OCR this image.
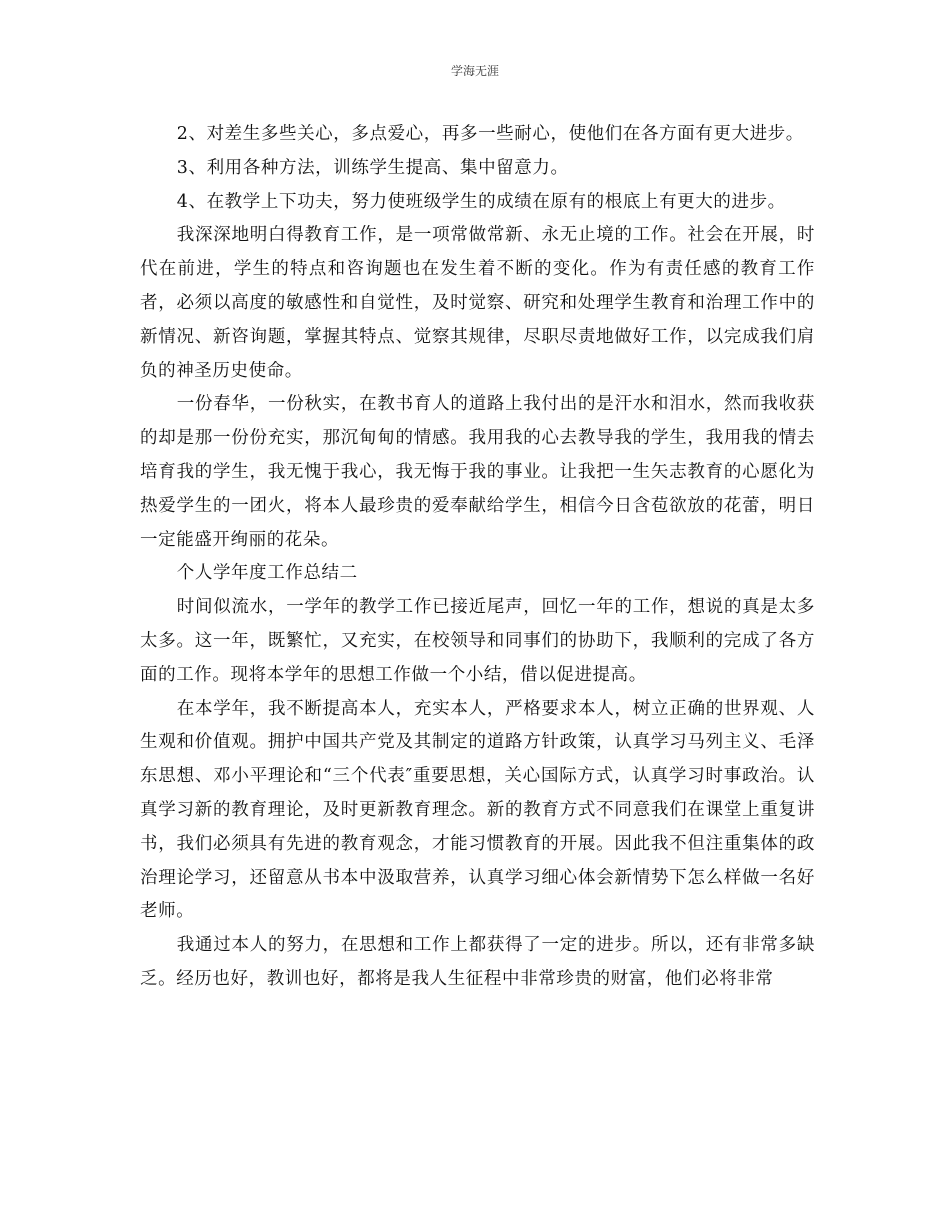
学海无涯

2、对差生多些关心，多点爱心，再多一些耐心，使他们在各方面有更大进步。

3、利用各种方法，训练学生提高、集中留意力。

4、在教学上下功夫，努力使班级学生的成绩在原有的根底上有更大的进步。

我深深地明白得教育工作，是一项常做常新、永无止境的工作。社会在开展，时代在前进，学生的特点和咨询题也在发生着不断的变化。作为有责任感的教育工作者，必须以高度的敏感性和自觉性，及时觉察、研究和处理学生教育和治理工作中的新情况、新咨询题，掌握其特点、觉察其规律，尽职尽责地做好工作，以完成我们肩负的神圣历史使命。

一份春华，一份秋实，在教书育人的道路上我付出的是汗水和泪水，然而我收获的却是那一份份充实，那沉甸甸的情感。我用我的心去教导我的学生，我用我的情去培育我的学生，我无愧于我心，我无悔于我的事业。让我把一生矢志教育的心愿化为热爱学生的一团火，将本人最珍贵的爱奉献给学生，相信今日含苞欲放的花蕾，明日一定能盛开绚丽的花朵。

个人学年度工作总结二

时间似流水，一学年的教学工作已接近尾声，回忆一年的工作，想说的真是太多太多。这一年，既繁忙，又充实，在校领导和同事们的协助下，我顺利的完成了各方面的工作。现将本学年的思想工作做一个小结，借以促进提高。

在本学年，我不断提高本人，充实本人，严格要求本人，树立正确的世界观、人生观和价值观。拥护中国共产党及其制定的道路方针政策，认真学习马列主义、毛泽东思想、邓小平理论和“三个代表″重要思想，关心国际方式，认真学习时事政治。认真学习新的教育理论，及时更新教育理念。新的教育方式不同意我们在课堂上重复讲书，我们必须具有先进的教育观念，才能习惯教育的开展。因此我不但注重集体的政治理论学习，还留意从书本中汲取营养，认真学习细心体会新情势下怎么样做一名好老师。

我通过本人的努力，在思想和工作上都获得了一定的进步。所以，还有非常多缺乏。经历也好，教训也好，都将是我人生征程中非常珍贵的财富，他们必将非常
